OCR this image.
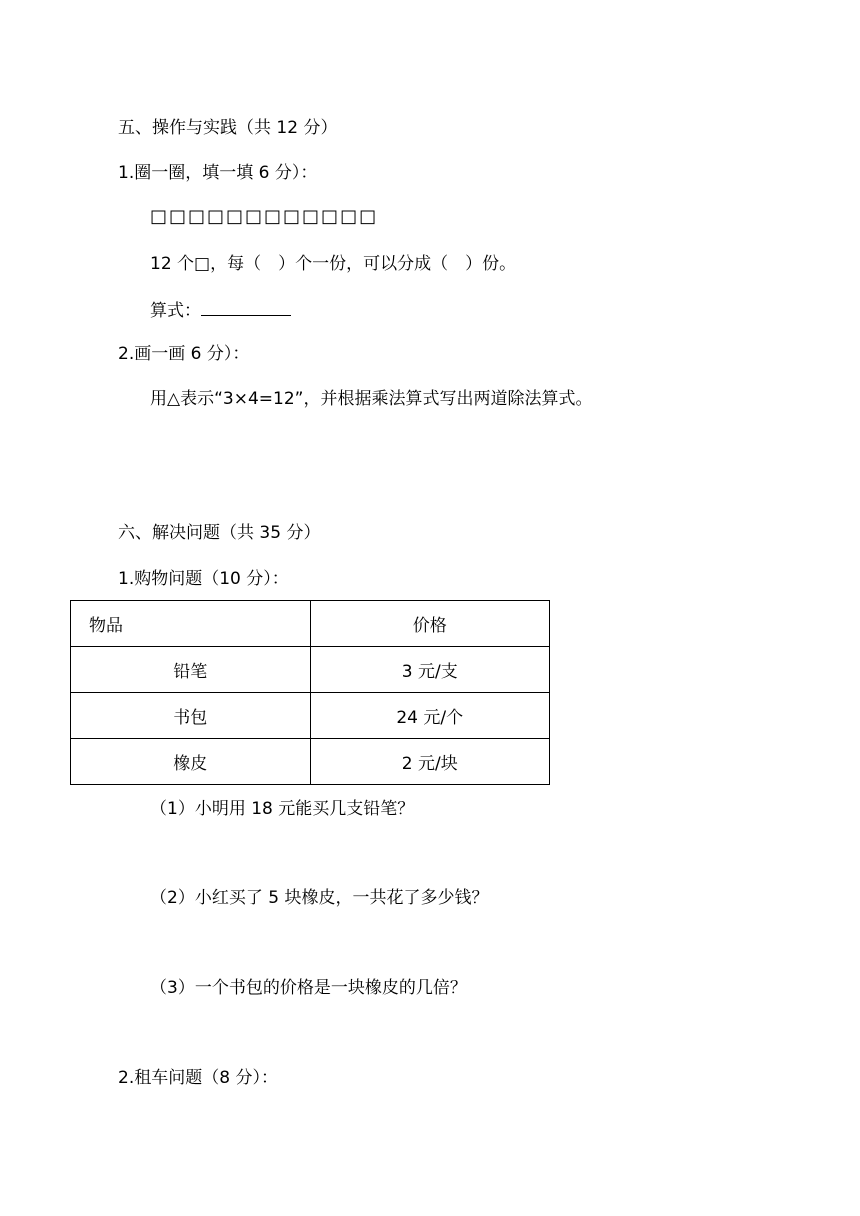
五、操作与实践（共 12 分）
1.圈一圈，填一填 6 分）：
□□□□□□□□□□□□
12 个□，每（　）个一份，可以分成（　）份。
算式：
2.画一画 6 分）：
用△表示“3×4=12”，并根据乘法算式写出两道除法算式。
六、解决问题（共 35 分）
1.购物问题（10 分）：
物品	价格
铅笔	3 元/支
书包	24 元/个
橡皮	2 元/块
（1）小明用 18 元能买几支铅笔？
（2）小红买了 5 块橡皮，一共花了多少钱？
（3）一个书包的价格是一块橡皮的几倍？
2.租车问题（8 分）：
